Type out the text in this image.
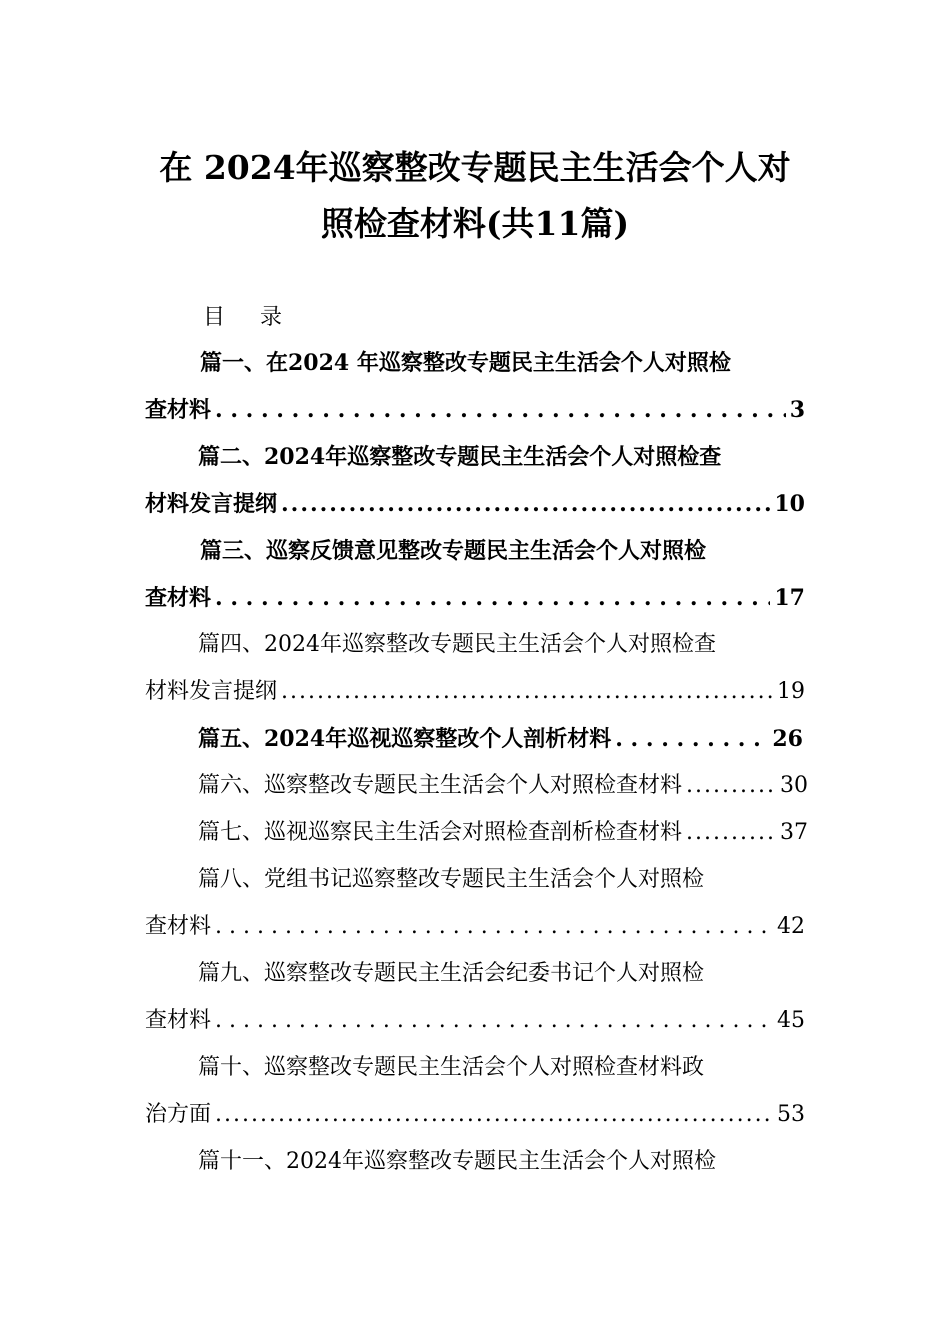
在 2024年巡察整改专题民主生活会个人对
照检查材料(共11篇)
目 录
篇一、在2024 年巡察整改专题民主生活会个人对照检
查材料 . . .	3
篇二、2024年巡察整改专题民主生活会个人对照检查
材料发言提纲 .....	10
篇三、巡察反馈意见整改专题民主生活会个人对照检
查材料 . . .	17
篇四、2024年巡察整改专题民主生活会个人对照检查
材料发言提纲 .....	19
篇五、2024年巡视巡察整改个人剖析材料 . . .	26
篇六、巡察整改专题民主生活会个人对照检查材料 .....	30
篇七、巡视巡察民主生活会对照检查剖析检查材料 .....	37
篇八、党组书记巡察整改专题民主生活会个人对照检
查材料 . . .	42
篇九、巡察整改专题民主生活会纪委书记个人对照检
查材料 . . .	45
篇十、巡察整改专题民主生活会个人对照检查材料政
治方面 .....	53
篇十一、2024年巡察整改专题民主生活会个人对照检
